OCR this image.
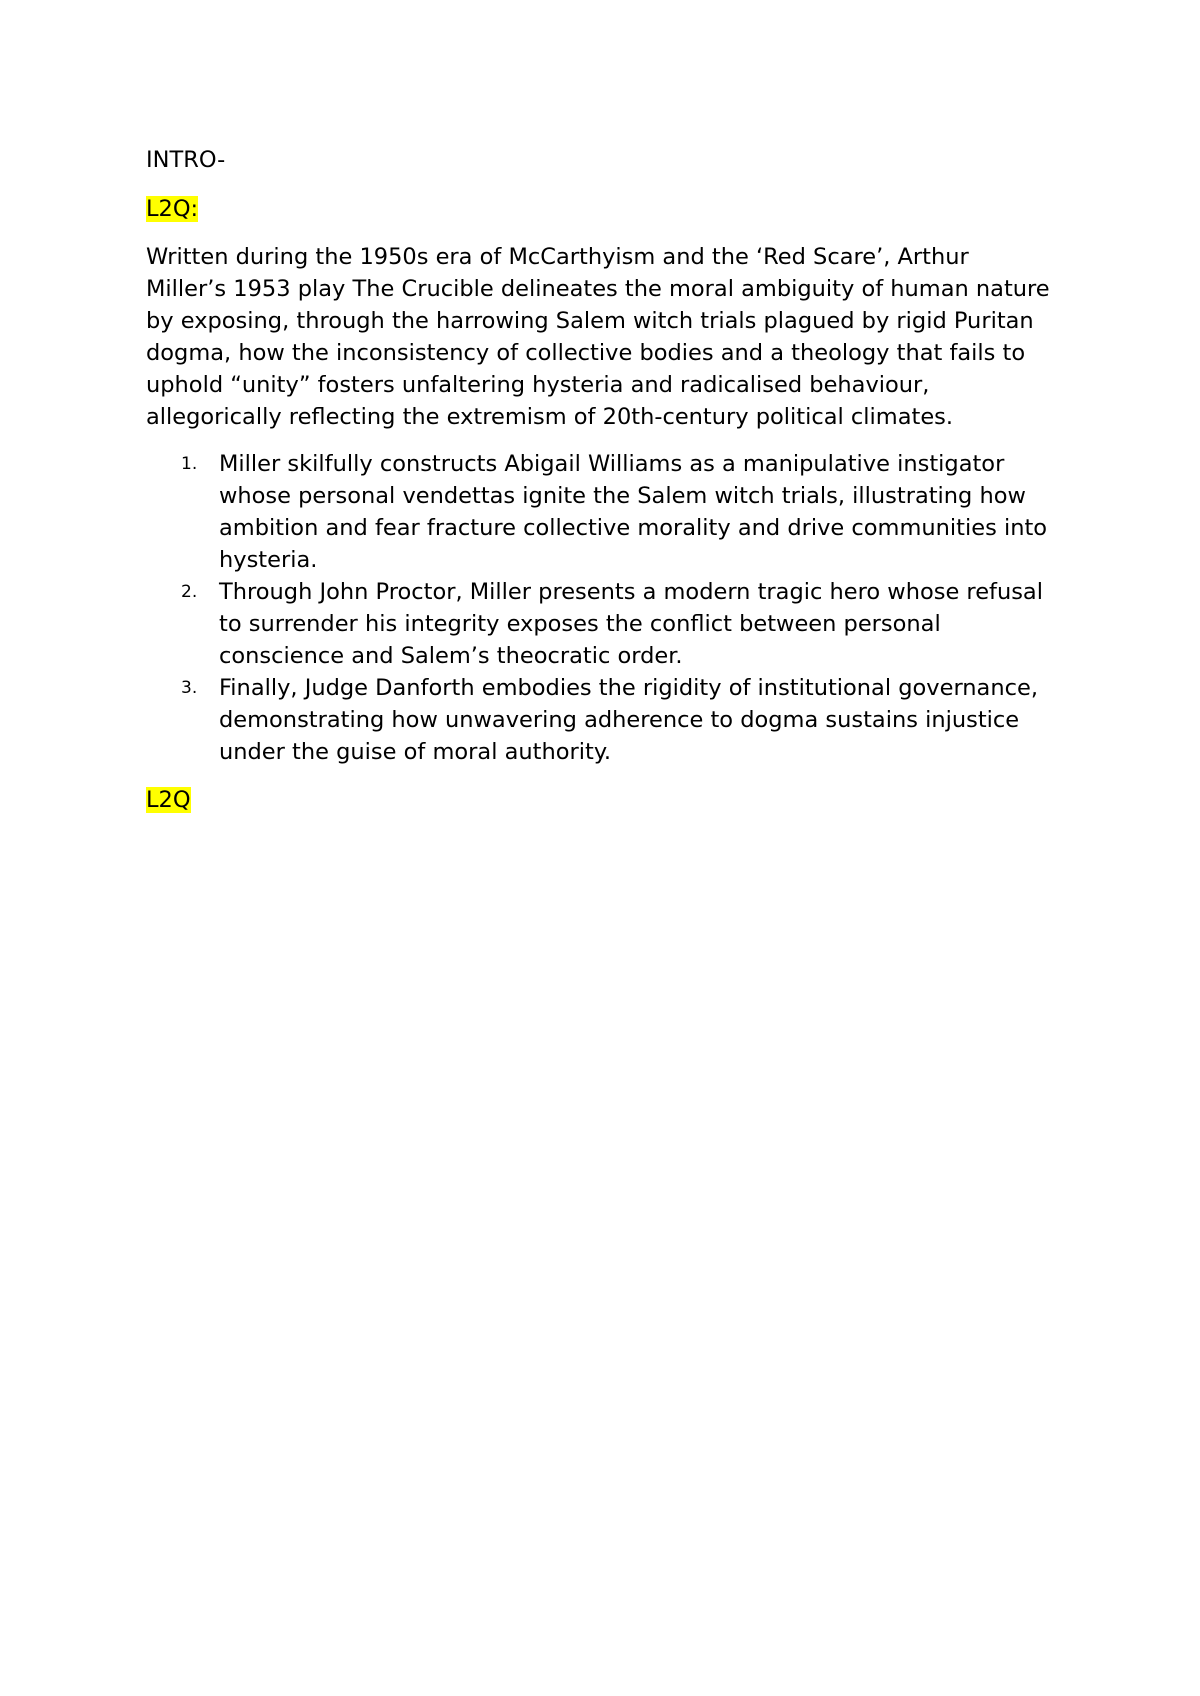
INTRO-

L2Q:

Written during the 1950s era of McCarthyism and the ‘Red Scare’, Arthur Miller’s 1953 play The Crucible delineates the moral ambiguity of human nature by exposing, through the harrowing Salem witch trials plagued by rigid Puritan dogma, how the inconsistency of collective bodies and a theology that fails to uphold “unity” fosters unfaltering hysteria and radicalised behaviour, allegorically reflecting the extremism of 20th-century political climates.

1. Miller skilfully constructs Abigail Williams as a manipulative instigator whose personal vendettas ignite the Salem witch trials, illustrating how ambition and fear fracture collective morality and drive communities into hysteria.
2. Through John Proctor, Miller presents a modern tragic hero whose refusal to surrender his integrity exposes the conflict between personal conscience and Salem’s theocratic order.
3. Finally, Judge Danforth embodies the rigidity of institutional governance, demonstrating how unwavering adherence to dogma sustains injustice under the guise of moral authority.

L2Q
